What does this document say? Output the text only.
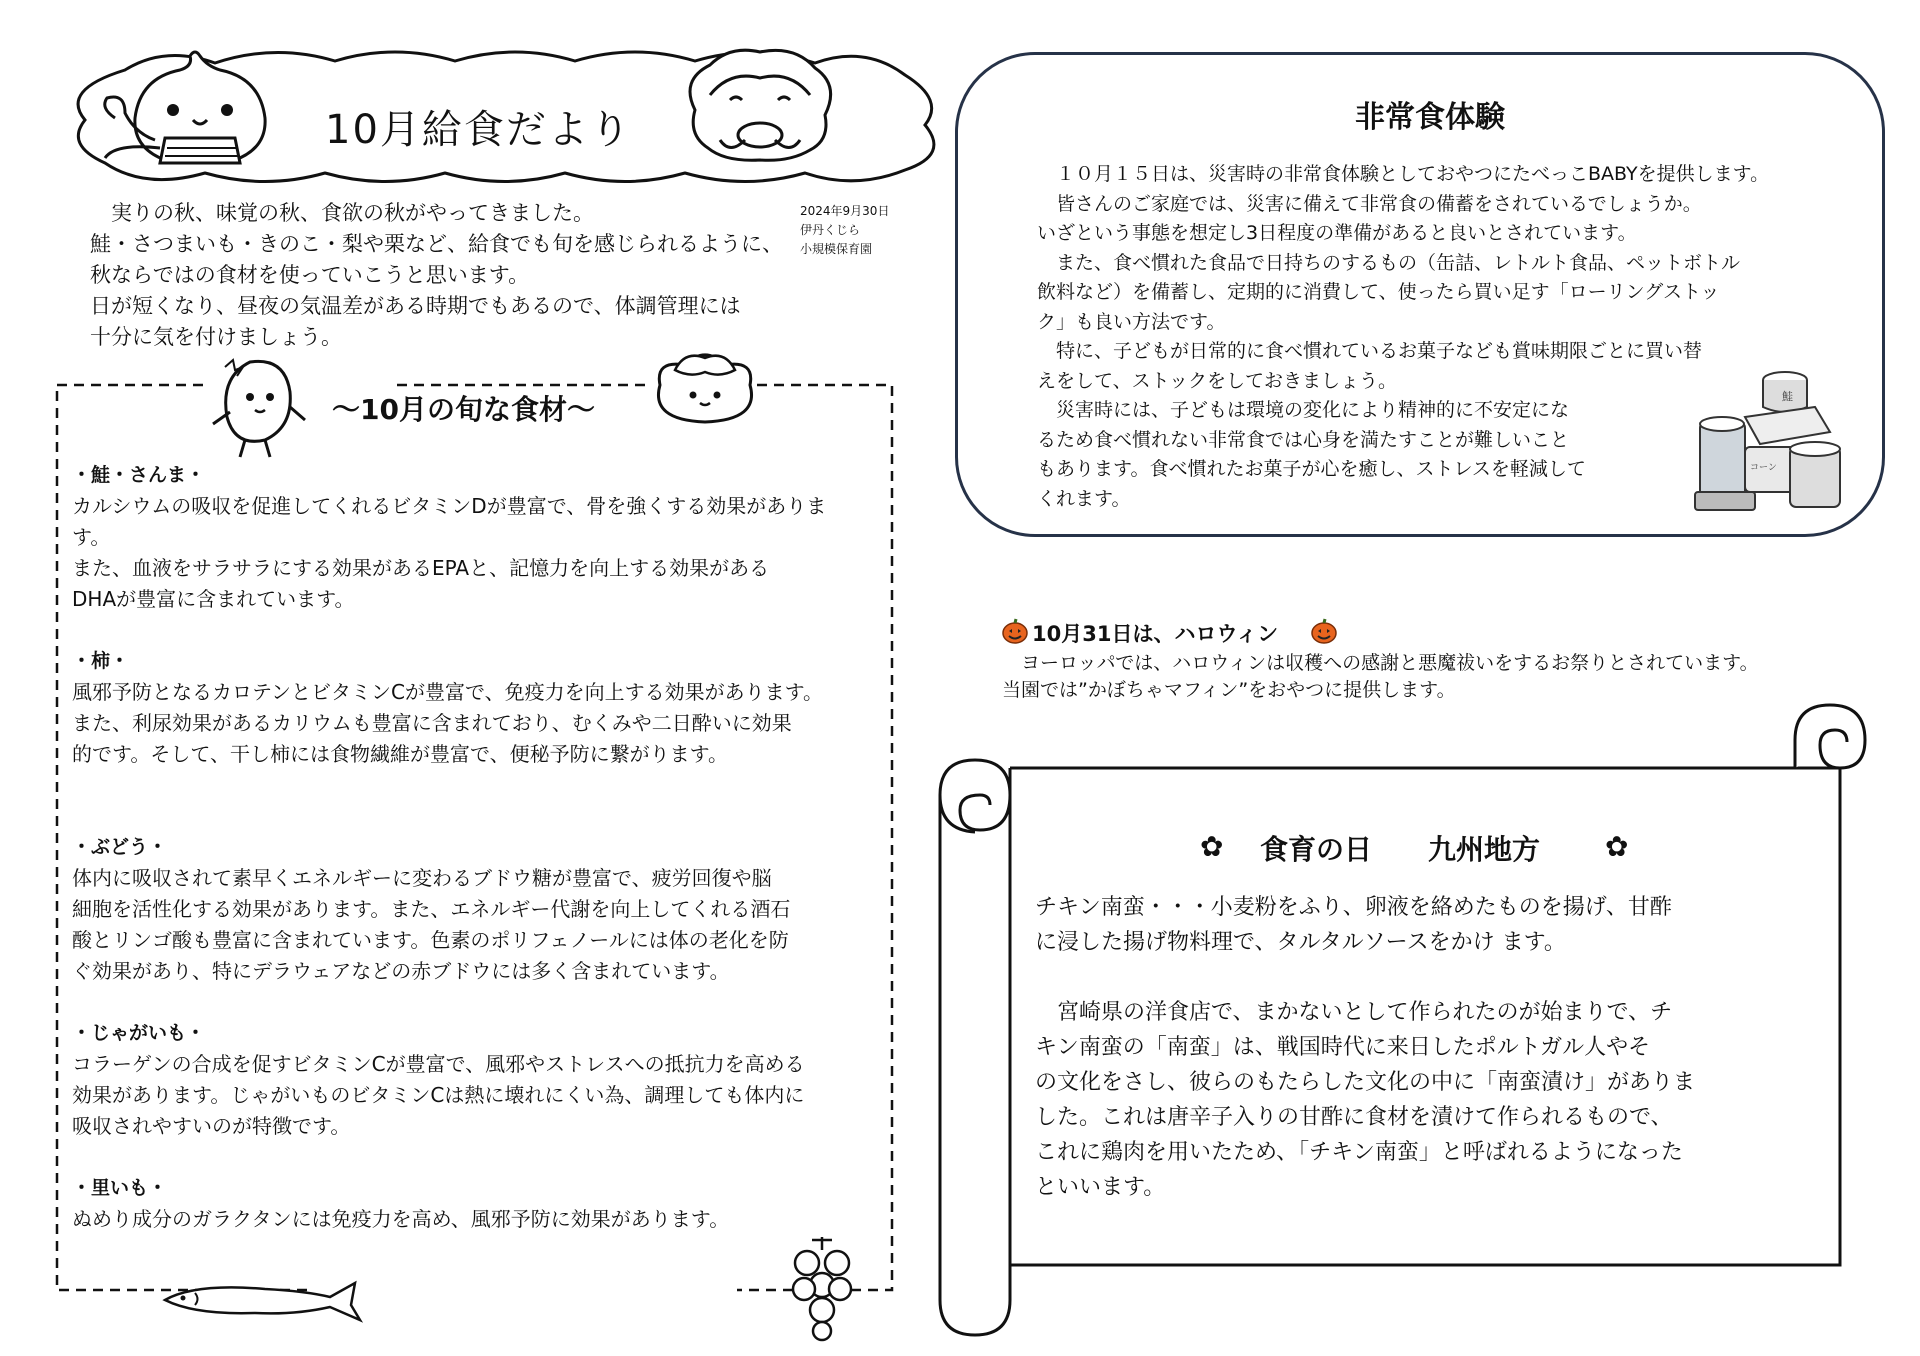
10月給食だより
2024年9月30日
伊丹くじら
小規模保育園
　実りの秋、味覚の秋、食欲の秋がやってきました。
鮭・さつまいも・きのこ・梨や栗など、給食でも旬を感じられるように、
秋ならではの食材を使っていこうと思います。
日が短くなり、昼夜の気温差がある時期でもあるので、体調管理には
十分に気を付けましょう。
～10月の旬な食材～
・鮭・さんま・
カルシウムの吸収を促進してくれるビタミンDが豊富で、骨を強くする効果がありま
す。
また、血液をサラサラにする効果があるEPAと、記憶力を向上する効果がある
DHAが豊富に含まれています。
・柿・
風邪予防となるカロテンとビタミンCが豊富で、免疫力を向上する効果があります。
また、利尿効果があるカリウムも豊富に含まれており、むくみや二日酔いに効果
的です。そして、干し柿には食物繊維が豊富で、便秘予防に繋がります。
・ぶどう・
体内に吸収されて素早くエネルギーに変わるブドウ糖が豊富で、疲労回復や脳
細胞を活性化する効果があります。また、エネルギー代謝を向上してくれる酒石
酸とリンゴ酸も豊富に含まれています。色素のポリフェノールには体の老化を防
ぐ効果があり、特にデラウェアなどの赤ブドウには多く含まれています。
・じゃがいも・
コラーゲンの合成を促すビタミンCが豊富で、風邪やストレスへの抵抗力を高める
効果があります。じゃがいものビタミンCは熱に壊れにくい為、調理しても体内に
吸収されやすいのが特徴です。
・里いも・
ぬめり成分のガラクタンには免疫力を高め、風邪予防に効果があります。
非常食体験
　１０月１５日は、災害時の非常食体験としておやつにたべっこBABYを提供します。
　皆さんのご家庭では、災害に備えて非常食の備蓄をされているでしょうか。
いざという事態を想定し3日程度の準備があると良いとされています。
　また、食べ慣れた食品で日持ちのするもの（缶詰、レトルト食品、ペットボトル
飲料など）を備蓄し、定期的に消費して、使ったら買い足す「ローリングストッ
ク」も良い方法です。
　特に、子どもが日常的に食べ慣れているお菓子なども賞味期限ごとに買い替
えをして、ストックをしておきましょう。
　災害時には、子どもは環境の変化により精神的に不安定にな
るため食べ慣れない非常食では心身を満たすことが難しいこと
もあります。食べ慣れたお菓子が心を癒し、ストレスを軽減して
くれます。
鮭
コーン
10月31日は、ハロウィン
　ヨーロッパでは、ハロウィンは収穫への感謝と悪魔祓いをするお祭りとされています。
当園では”かぼちゃマフィン”をおやつに提供します。
✿ 食育の日　　九州地方 ✿
チキン南蛮・・・小麦粉をふり、卵液を絡めたものを揚げ、甘酢
に浸した揚げ物料理で、タルタルソースをかけ ます。
　宮崎県の洋食店で、まかないとして作られたのが始まりで、チ
キン南蛮の「南蛮」は、戦国時代に来日したポルトガル人やそ
の文化をさし、彼らのもたらした文化の中に「南蛮漬け」がありま
した。これは唐辛子入りの甘酢に食材を漬けて作られるもので、
これに鶏肉を用いたため、「チキン南蛮」と呼ばれるようになった
といいます。
